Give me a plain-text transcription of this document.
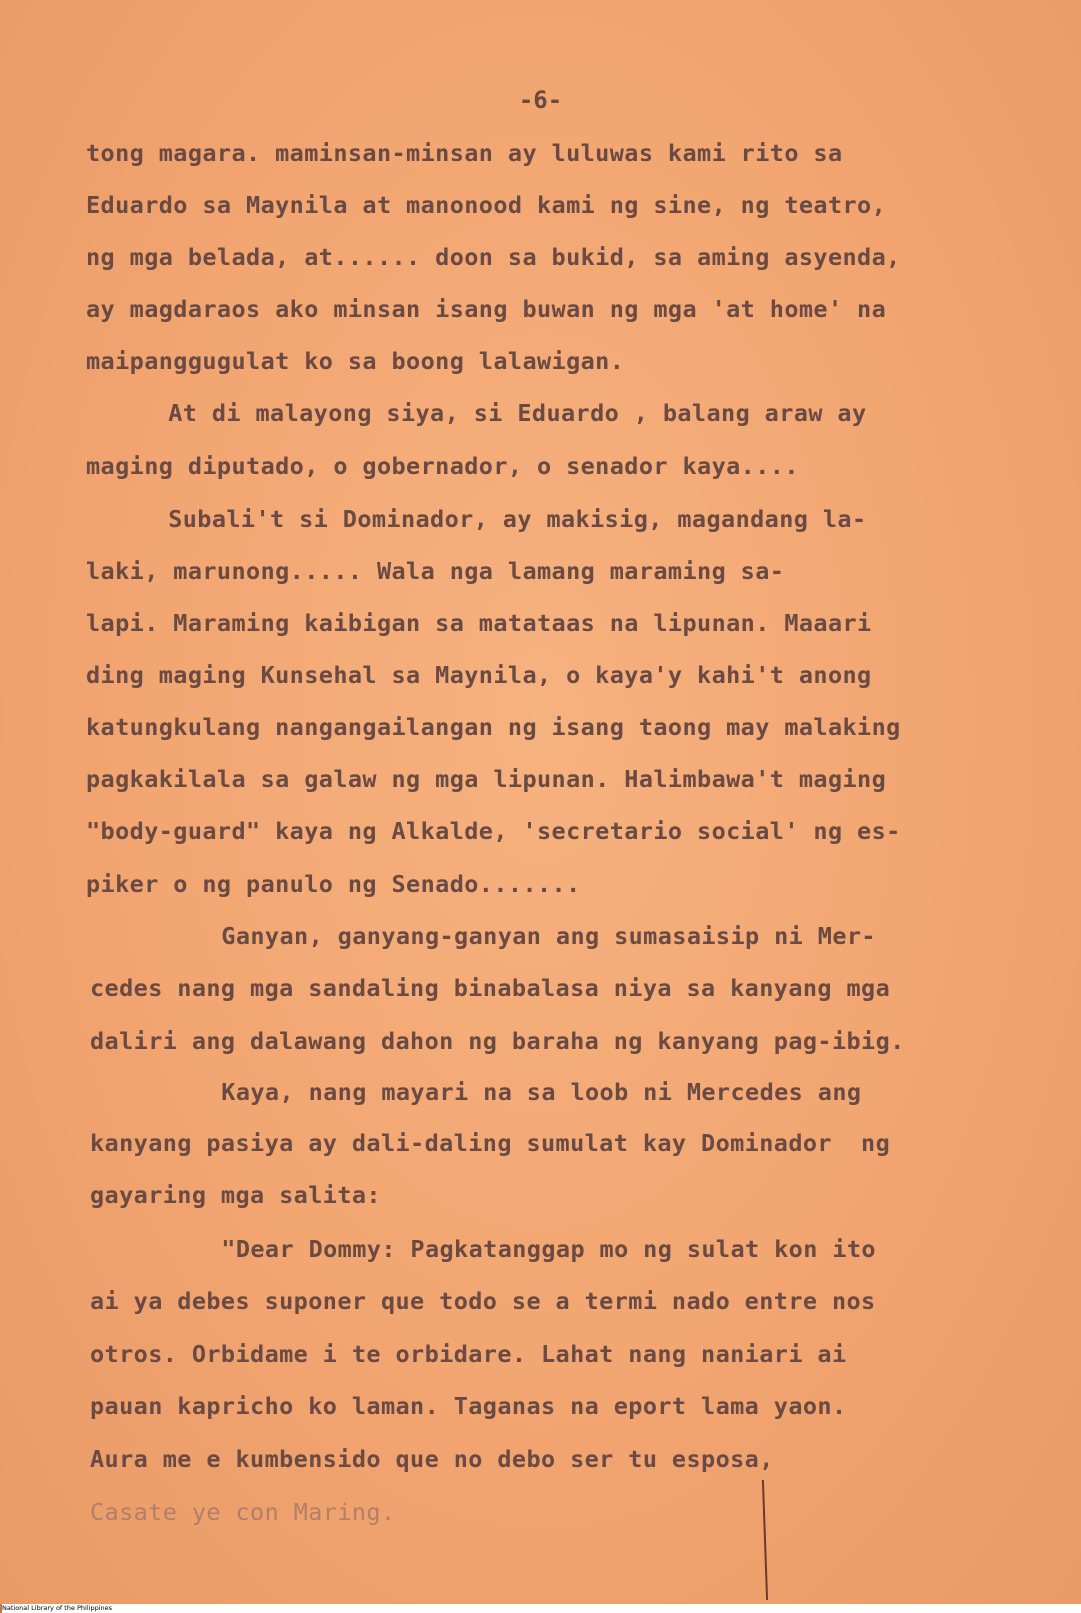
-6-
tong magara. maminsan-minsan ay luluwas kami rito sa
Eduardo sa Maynila at manonood kami ng sine, ng teatro,
ng mga belada, at...... doon sa bukid, sa aming asyenda,
ay magdaraos ako minsan isang buwan ng mga 'at home' na
maipanggugulat ko sa boong lalawigan.
At di malayong siya, si Eduardo , balang araw ay
maging diputado, o gobernador, o senador kaya....
Subali't si Dominador, ay makisig, magandang la-
laki, marunong..... Wala nga lamang maraming sa-
lapi. Maraming kaibigan sa matataas na lipunan. Maaari
ding maging Kunsehal sa Maynila, o kaya'y kahi't anong
katungkulang nangangailangan ng isang taong may malaking
pagkakilala sa galaw ng mga lipunan. Halimbawa't maging
"body-guard" kaya ng Alkalde, 'secretario social' ng es-
piker o ng panulo ng Senado.......
Ganyan, ganyang-ganyan ang sumasaisip ni Mer-
cedes nang mga sandaling binabalasa niya sa kanyang mga
daliri ang dalawang dahon ng baraha ng kanyang pag-ibig.
Kaya, nang mayari na sa loob ni Mercedes ang
kanyang pasiya ay dali-daling sumulat kay Dominador  ng
gayaring mga salita:
"Dear Dommy: Pagkatanggap mo ng sulat kon ito
ai ya debes suponer que todo se a termi nado entre nos
otros. Orbidame i te orbidare. Lahat nang naniari ai
pauan kapricho ko laman. Taganas na eport lama yaon.
Aura me e kumbensido que no debo ser tu esposa,
Casate ye con Maring.
National Library of the Philippines
